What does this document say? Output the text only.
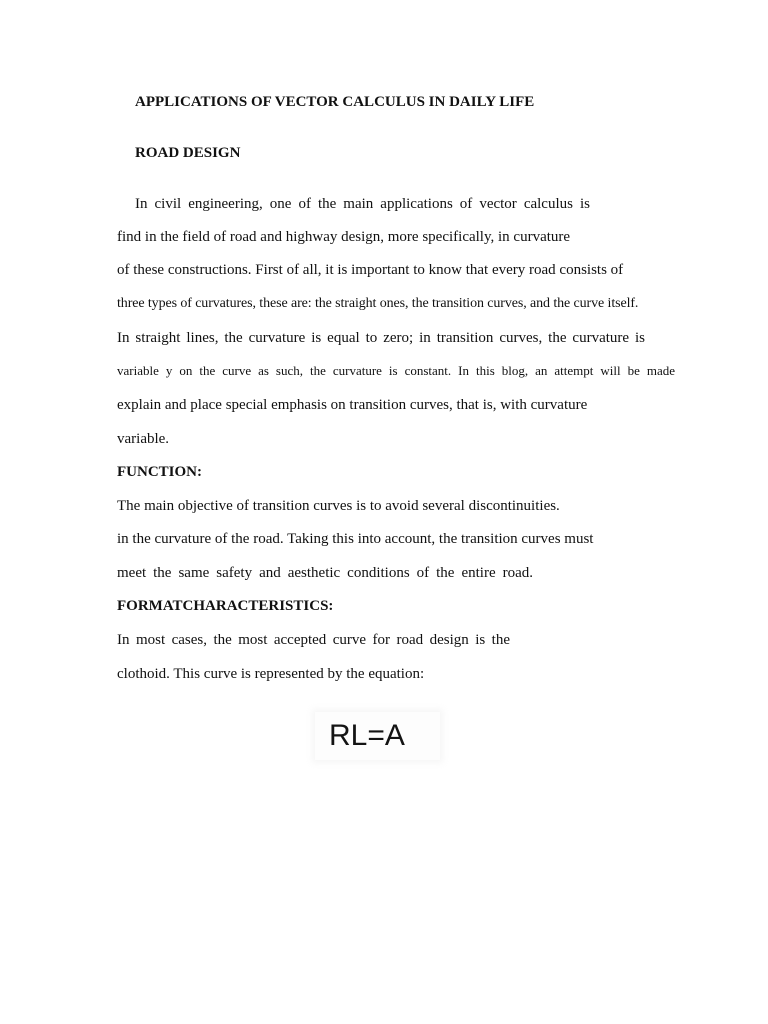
APPLICATIONS OF VECTOR CALCULUS IN DAILY LIFE
ROAD DESIGN
In civil engineering, one of the main applications of vector calculus is
find in the field of road and highway design, more specifically, in curvature
of these constructions. First of all, it is important to know that every road consists of
three types of curvatures, these are: the straight ones, the transition curves, and the curve itself.
In straight lines, the curvature is equal to zero; in transition curves, the curvature is
variable y on the curve as such, the curvature is constant. In this blog, an attempt will be made
explain and place special emphasis on transition curves, that is, with curvature
variable.
FUNCTION:
The main objective of transition curves is to avoid several discontinuities.
in the curvature of the road. Taking this into account, the transition curves must
meet the same safety and aesthetic conditions of the entire road.
FORMATCHARACTERISTICS:
In most cases, the most accepted curve for road design is the
clothoid. This curve is represented by the equation:
RL=A
